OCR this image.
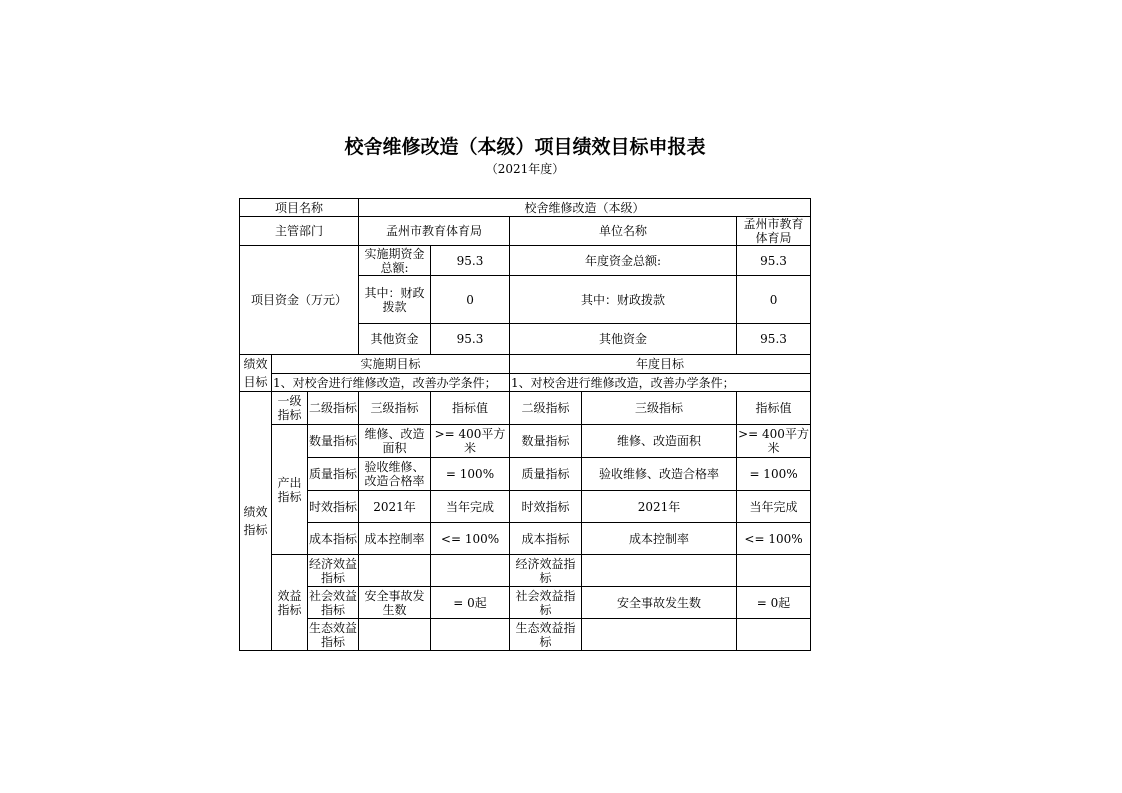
校舍维修改造（本级）项目绩效目标申报表
（2021年度）
项目名称			校舍维修改造（本级）				
主管部门			孟州市教育体育局		单位名称		孟州市教育体育局
项目资金（万元）			实施期资金总额:	95.3	年度资金总额:		95.3
			其中：财政拨款	0	其中：财政拨款		0
			其他资金	95.3	其他资金		95.3
绩效目标	实施期目标				年度目标		
	1、对校舍进行维修改造，改善办学条件；				1、对校舍进行维修改造，改善办学条件；		
绩效指标	一级指标	二级指标	三级指标	指标值	二级指标	三级指标	指标值
	产出指标	数量指标	维修、改造面积	>= 400平方米	数量指标	维修、改造面积	>= 400平方米
		质量指标	验收维修、改造合格率	= 100%	质量指标	验收维修、改造合格率	= 100%
		时效指标	2021年	当年完成	时效指标	2021年	当年完成
		成本指标	成本控制率	<= 100%	成本指标	成本控制率	<= 100%
	效益指标	经济效益指标			经济效益指标		
		社会效益指标	安全事故发生数	= 0起	社会效益指标	安全事故发生数	= 0起
		生态效益指标			生态效益指标		
